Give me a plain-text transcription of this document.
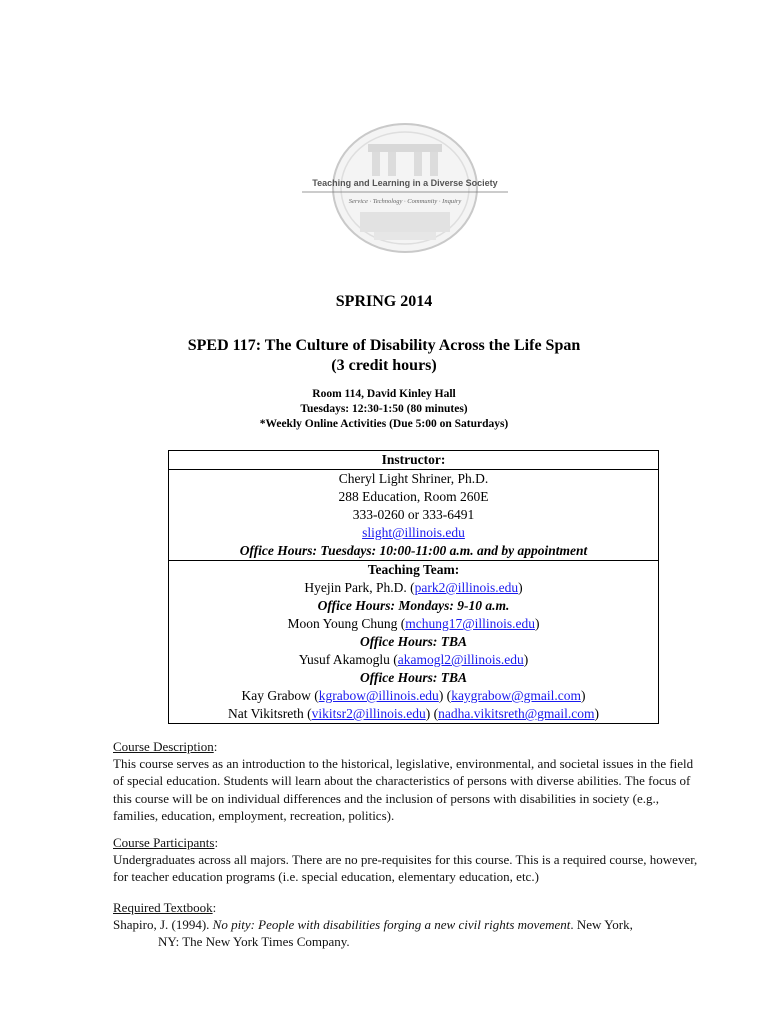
Teaching and Learning in a Diverse Society
Service · Technology · Community · Inquiry
SPRING 2014
SPED 117: The Culture of Disability Across the Life Span
(3 credit hours)
Room 114, David Kinley Hall
Tuesdays: 12:30-1:50 (80 minutes)
*Weekly Online Activities (Due 5:00 on Saturdays)
Instructor:

Cheryl Light Shriner, Ph.D.
288 Education, Room 260E
333-0260 or 333-6491
slight@illinois.edu
Office Hours: Tuesdays: 10:00-11:00 a.m. and by appointment

Teaching Team:
Hyejin Park, Ph.D. (park2@illinois.edu)
Office Hours: Mondays: 9-10 a.m.
Moon Young Chung (mchung17@illinois.edu)
Office Hours: TBA
Yusuf Akamoglu (akamogl2@illinois.edu)
Office Hours: TBA
Kay Grabow (kgrabow@illinois.edu) (kaygrabow@gmail.com)
Nat Vikitsreth (vikitsr2@illinois.edu) (nadha.vikitsreth@gmail.com)
Course Description:
This course serves as an introduction to the historical, legislative, environmental, and societal issues in the field of special education. Students will learn about the characteristics of persons with diverse abilities. The focus of this course will be on individual differences and the inclusion of persons with disabilities in society (e.g., families, education, employment, recreation, politics).
Course Participants:
Undergraduates across all majors. There are no pre-requisites for this course. This is a required course, however, for teacher education programs (i.e. special education, elementary education, etc.)
Required Textbook:
Shapiro, J. (1994). No pity: People with disabilities forging a new civil rights movement. New York,
NY: The New York Times Company.
